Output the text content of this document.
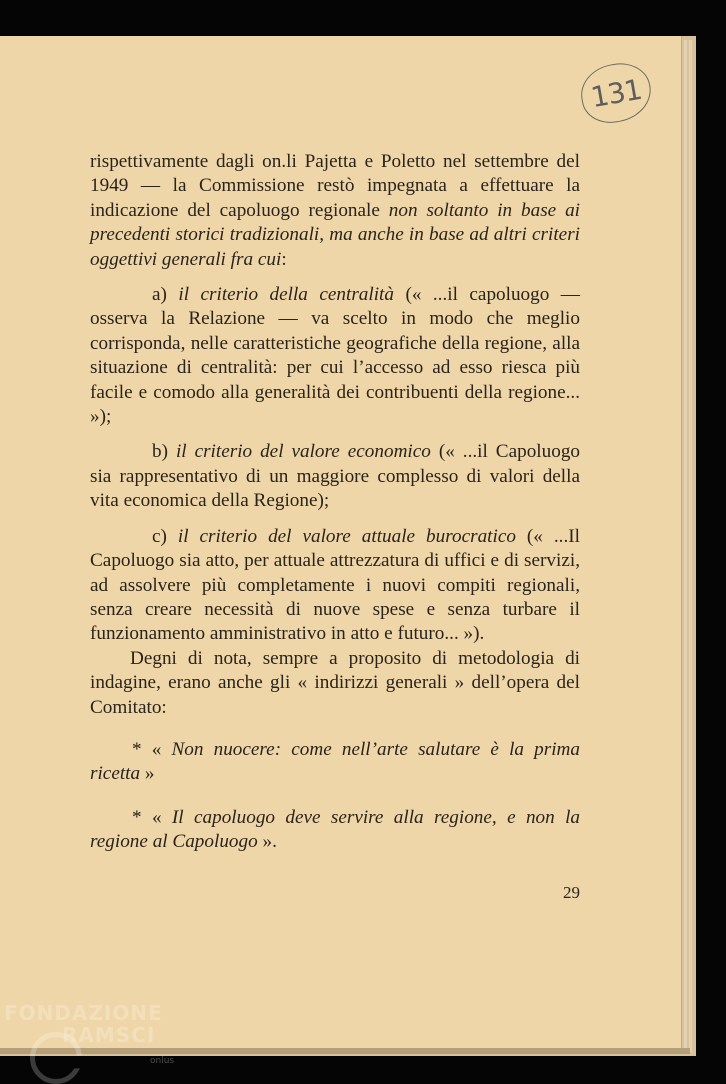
131

rispettivamente dagli on.li Pajetta e Poletto nel settembre del 1949 — la Commissione restò impegnata a effettuare la indicazione del capoluogo regionale non soltanto in base ai precedenti storici tradizionali, ma anche in base ad altri criteri oggettivi generali fra cui:

a) il criterio della centralità (« ...il capoluogo — osserva la Relazione — va scelto in modo che meglio corrisponda, nelle caratteristiche geografiche della regione, alla situazione di centralità: per cui l’accesso ad esso riesca più facile e comodo alla generalità dei contribuenti della regione... »);

b) il criterio del valore economico (« ...il Capoluogo sia rappresentativo di un maggiore complesso di valori della vita economica della Regione);

c) il criterio del valore attuale burocratico (« ...Il Capoluogo sia atto, per attuale attrezzatura di uffici e di servizi, ad assolvere più completamente i nuovi compiti regionali, senza creare necessità di nuove spese e senza turbare il funzionamento amministrativo in atto e futuro... »).

Degni di nota, sempre a proposito di metodologia di indagine, erano anche gli « indirizzi generali » dell’opera del Comitato:

* « Non nuocere: come nell’arte salutare è la prima ricetta »

* « Il capoluogo deve servire alla regione, e non la regione al Capoluogo ».

29
FONDAZIONE
RAMSCI
onlus
